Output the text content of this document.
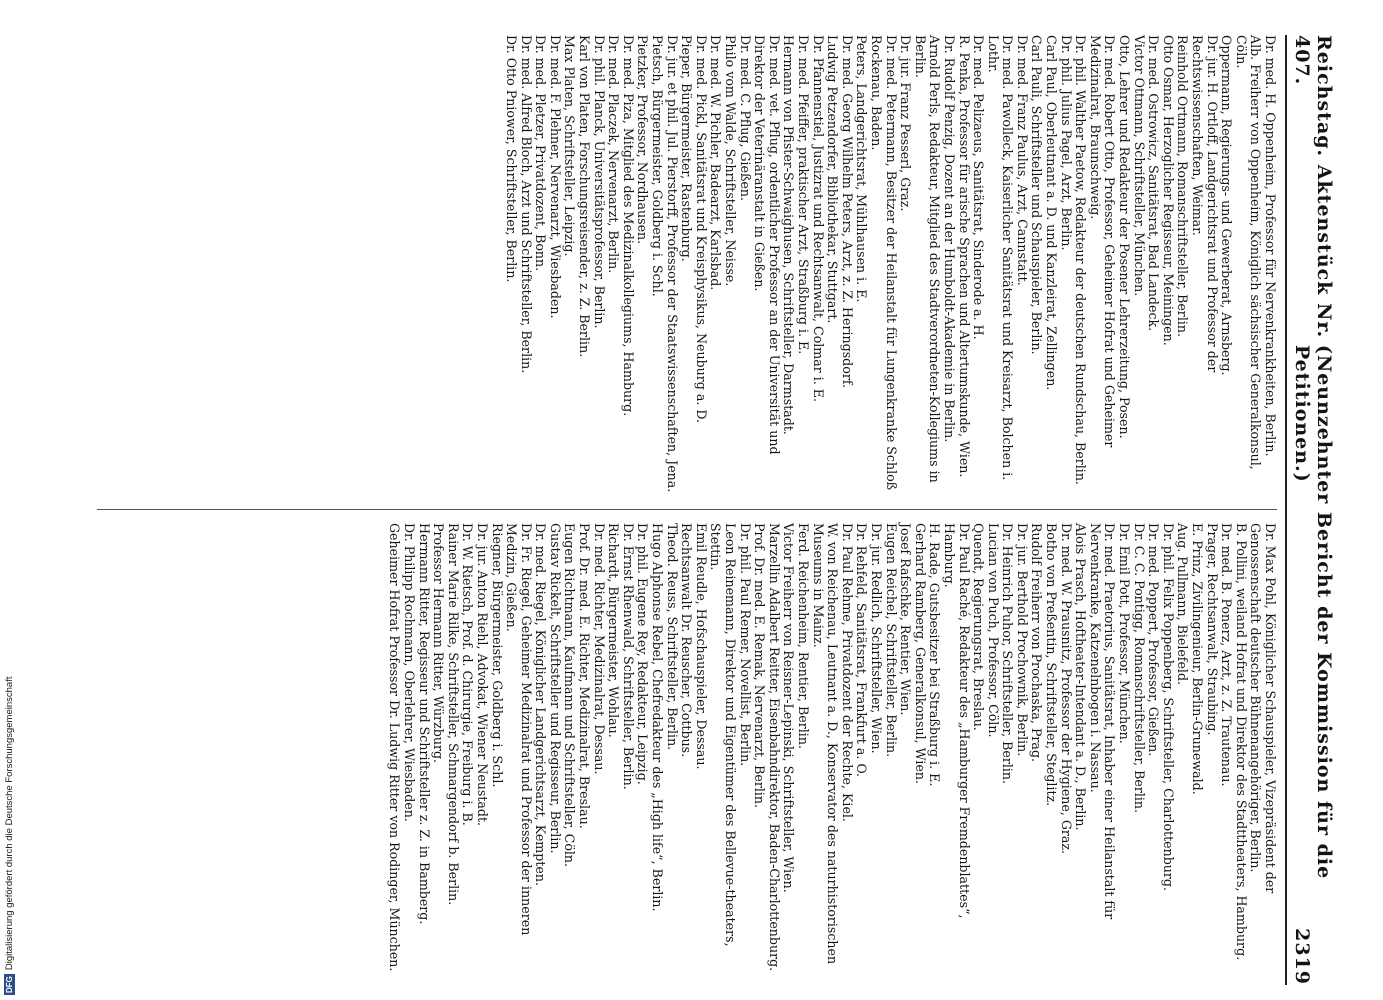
Reichstag. Aktenstück Nr. 407.
(Neunzehnter Bericht der Kommission für die Petitionen.)
2319
Dr. med. H. Oppenheim, Professor für Nervenkrankheiten, Berlin.
Alb. Freiherr von Oppenheim, Königlich sächsischer Generalkonsul, Cöln.
Oppermann, Regierungs- und Gewerberat, Arnsberg.
Dr. jur. H. Ortloff, Landgerichtsrat und Professor der Rechtswissenschaften, Weimar.
Reinhold Ortmann, Romanschriftsteller, Berlin.
Otto Osmar, Herzoglicher Regisseur, Meiningen.
Dr. med. Ostrowicz, Sanitätsrat, Bad Landeck.
Victor Ottmann, Schriftsteller, München.
Otto, Lehrer und Redakteur der Posener Lehrerzeitung, Posen.
Dr. med. Robert Otto, Professor, Geheimer Hofrat und Geheimer Medizinalrat, Braunschweig.
Dr. phil. Walther Paetow, Redakteur der deutschen Rundschau, Berlin.
Dr. phil. Julius Pagel, Arzt, Berlin.
Carl Paul, Oberleutnant a. D. und Kanzleirat, Zellingen.
Carl Pauli, Schriftsteller und Schauspieler, Berlin.
Dr. med. Franz Paulus, Arzt, Cannstatt.
Dr. med. Pawolleck, Kaiserlicher Sanitätsrat und Kreisarzt, Bolchen i. Lothr.
Dr. med. Pelizaeus, Sanitätsrat, Sinderode a. H.
R. Penka, Professor für arische Sprachen und Altertumskunde, Wien.
Dr. Rudolf Penzig, Dozent an der Humboldt-Akademie in Berlin.
Arnold Perls, Redakteur, Mitglied des Stadtverordneten-Kollegiums in Berlin.
Dr. jur. Franz Pesserl, Graz.
Dr. med. Petermann, Besitzer der Heilanstalt für Lungenkranke Schloß Rockenau, Baden.
Peters, Landgerichtsrat, Mühlhausen i. E.
Dr. med. Georg Wilhelm Peters, Arzt, z. Z. Heringsdorf.
Ludwig Petzendorfer, Bibliothekar, Stuttgart.
Dr. Pfannenstiel, Justizrat und Rechtsanwalt, Colmar i. E.
Dr. med. Pfeiffer, praktischer Arzt, Straßburg i. E.
Hermann von Pfister-Schwaighusen, Schriftsteller, Darmstadt.
Dr. med. vet. Pflug, ordentlicher Professor an der Universität und Direktor der Veterinäranstalt in Gießen.
Dr. med. C. Pflug, Gießen.
Philo vom Walde, Schriftsteller, Neisse.
Dr. med. W. Pichler, Badearzt, Karlsbad.
Dr. med. Pickl, Sanitätsrat und Kreisphysikus, Neuburg a. D.
Pieper, Bürgermeister, Rastenburg.
Dr. jur. et phil. Jul. Pierstorff, Professor der Staatswissenschaften, Jena.
Pietsch, Bürgermeister, Goldberg i. Schl.
Pietzker, Professor, Nordhausen.
Dr. med. Piza, Mitglied des Medizinalkollegiums, Hamburg.
Dr. med. Placzek, Nervenarzt, Berlin.
Dr. phil. Planck, Universitätsprofessor, Berlin.
Karl von Platen, Forschungsreisender, z. Z. Berlin.
Max Platen, Schriftsteller, Leipzig.
Dr. med. F. Plehner, Nervenarzt, Wiesbaden.
Dr. med. Pletzer, Privatdozent, Bonn.
Dr. med. Alfred Bloch, Arzt und Schriftsteller, Berlin.
Dr. Otto Pniower, Schriftsteller, Berlin.
Dr. Max Pohl, Königlicher Schauspieler, Vizepräsident der Genossenschaft deutscher Bühnenangehöriger, Berlin.
B. Pollini, weiland Hofrat und Direktor des Stadttheaters, Hamburg.
Dr. med. B. Ponerz, Arzt, z. Z. Trautenau.
Prager, Rechtsanwalt, Straubing.
E. Prinz, Zivilingenieur, Berlin-Grunewald.
Aug. Pullmann, Bielefeld.
Dr. phil. Felix Poppenberg, Schriftsteller, Charlottenburg.
Dr. med. Poppert, Professor, Gießen.
Dr. C. C. Pontigg, Romanschriftsteller, Berlin.
Dr. Emil Pott, Professor, München.
Dr. med. Praetorius, Sanitätsrat, Inhaber einer Heilanstalt für Nervenkranke, Katzenelnbogen i. Nassau.
Alois Prasch, Hoftheater-Intendant a. D., Berlin.
Dr. med. W. Prausnitz, Professor der Hygiene, Graz.
Botho von Preßentin, Schriftsteller, Steglitz.
Rudolf Freiherr von Prochaska, Prag.
Dr. jur. Berthold Prochownik, Berlin.
Dr. Heinrich Puhor, Schriftsteller, Berlin.
Lucian von Puch, Professor, Cöln.
Quendt, Regierungsrat, Breslau.
Dr. Paul Raché, Redakteur des „Hamburger Fremdenblattes“, Hamburg.
H. Rade, Gutsbesitzer bei Straßburg i. E.
Gerhard Ramberg, Generalkonsul, Wien.
Josef Rafschke, Rentier, Wien.
Eugen Reichel, Schriftsteller, Berlin.
Dr. jur. Redlich, Schriftsteller, Wien.
Dr. Rehfeld, Sanitätsrat, Frankfurt a. O.
Dr. Paul Rehme, Privatdozent der Rechte, Kiel.
W. von Reichenau, Leutnant a. D., Konservator des naturhistorischen Museums in Mainz.
Ferd. Reichenheim, Rentier, Berlin.
Victor Freiherr von Reisner-Lepinski, Schriftsteller, Wien.
Marzellin Adalbert Reitter, Eisenbahndirektor, Baden-Charlottenburg.
Prof. Dr. med. E. Remak, Nervenarzt, Berlin.
Dr. phil. Paul Remer, Novellist, Berlin.
Leon Reinemann, Direktor und Eigentümer des Bellevue-theaters, Stettin.
Emil Reudle, Hofschauspieler, Dessau.
Rechtsanwalt Dr. Reuscher, Cottbus.
Theod. Reuss, Schriftsteller, Berlin.
Hugo Alphonse Rebel, Chefredakteur des „High life“, Berlin.
Dr. phil. Eugene Rey, Redakteur, Leipzig.
Dr. Ernst Rhenwald, Schriftsteller, Berlin.
Richardt, Bürgermeister, Wohlau.
Dr. med. Richter, Medizinalrat, Dessau.
Prof. Dr. med. E. Richter, Medizinalrat, Breslau.
Eugen Richtmann, Kaufmann und Schriftsteller, Cöln.
Gustav Rickelt, Schriftsteller und Regisseur, Berlin.
Dr. med. Riegel, Königlicher Landgerichtsarzt, Kempten.
Dr. Fr. Riegel, Geheimer Medizinalrat und Professor der inneren Medizin, Gießen.
Riegner, Bürgermeister, Goldberg i. Schl.
Dr. jur. Anton Riehl, Advokat, Wiener Neustadt.
Dr. W. Rietsch, Prof. d. Chirurgie, Freiburg i. B.
Rainer Marie Rilke, Schriftsteller, Schmargendorf b. Berlin.
Professor Hermann Ritter, Würzburg.
Hermann Ritter, Regisseur und Schriftsteller z. Z. in Bamberg.
Dr. Philipp Rochmann, Oberlehrer, Wiesbaden.
Geheimer Hofrat Professor Dr. Ludwig Ritter von Rodinger, München.
DFG
Digitalisierung gefördert durch die Deutsche Forschungsgemeinschaft
